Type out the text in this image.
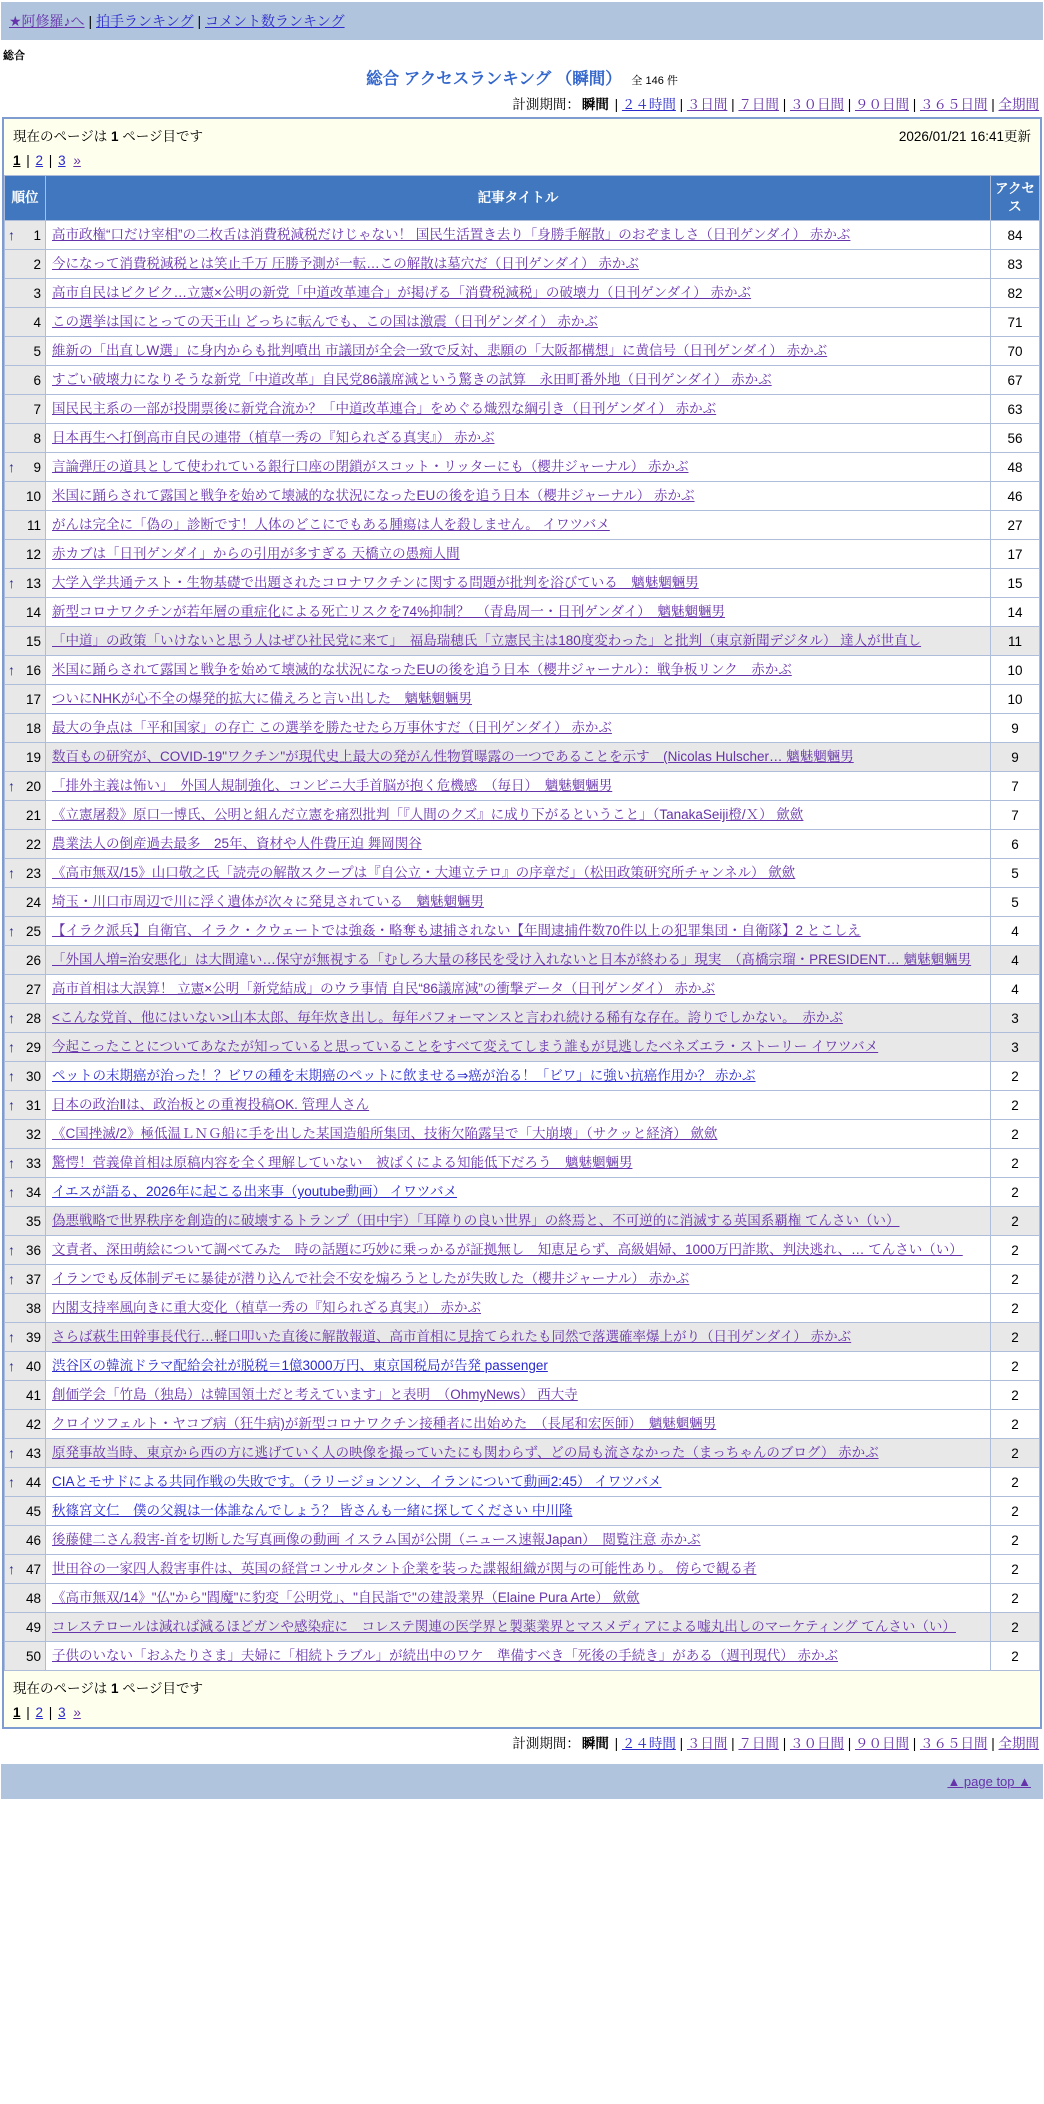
★阿修羅♪へ | 拍手ランキング | コメント数ランキング
総合
総合 アクセスランキング （瞬間） 全 146 件
計測期間： 瞬間 | ２４時間 | ３日間 | ７日間 | ３０日間 | ９０日間 | ３６５日間 | 全期間
現在のページは 1 ページ目です	2026/01/21 16:41更新
1 | 2 | 3 »
順位	記事タイトル	アクセス

↑ 1	高市政権“口だけ宰相”の二枚舌は消費税減税だけじゃない！ 国民生活置き去り「身勝手解散」のおぞましさ（日刊ゲンダイ） 赤かぶ	84

2	今になって消費税減税とは笑止千万 圧勝予測が一転…この解散は墓穴だ（日刊ゲンダイ） 赤かぶ	83

3	高市自民はビクビク…立憲×公明の新党「中道改革連合」が掲げる「消費税減税」の破壊力（日刊ゲンダイ） 赤かぶ	82

4	この選挙は国にとっての天王山 どっちに転んでも、この国は激震（日刊ゲンダイ） 赤かぶ	71

5	維新の「出直しW選」に身内からも批判噴出 市議団が全会一致で反対、悲願の「大阪都構想」に黄信号（日刊ゲンダイ） 赤かぶ	70

6	すごい破壊力になりそうな新党「中道改革」自民党86議席減という驚きの試算　永田町番外地（日刊ゲンダイ） 赤かぶ	67

7	国民民主系の一部が投開票後に新党合流か？「中道改革連合」をめぐる熾烈な綱引き（日刊ゲンダイ） 赤かぶ	63

8	日本再生へ打倒高市自民の連帯（植草一秀の『知られざる真実』） 赤かぶ	56

↑ 9	言論弾圧の道具として使われている銀行口座の閉鎖がスコット・リッターにも（櫻井ジャーナル） 赤かぶ	48

10	米国に踊らされて露国と戦争を始めて壊滅的な状況になったEUの後を追う日本（櫻井ジャーナル） 赤かぶ	46

11	がんは完全に「偽の」診断です！人体のどこにでもある腫瘍は人を殺しません。 イワツバメ	27

12	赤カブは「日刊ゲンダイ」からの引用が多すぎる 天橋立の愚痴人間	17

↑ 13	大学入学共通テスト・生物基礎で出題されたコロナワクチンに関する問題が批判を浴びている　魑魅魍魎男	15

14	新型コロナワクチンが若年層の重症化による死亡リスクを74%抑制？　（青島周一・日刊ゲンダイ）　魑魅魍魎男	14

15	「中道」の政策「いけないと思う人はぜひ社民党に来て」　福島瑞穂氏「立憲民主は180度変わった」と批判（東京新聞デジタル） 達人が世直し	11

↑ 16	米国に踊らされて露国と戦争を始めて壊滅的な状況になったEUの後を追う日本（櫻井ジャーナル）：戦争板リンク　赤かぶ	10

17	ついにNHKが心不全の爆発的拡大に備えろと言い出した　魑魅魍魎男	10

18	最大の争点は「平和国家」の存亡 この選挙を勝たせたら万事休すだ（日刊ゲンダイ） 赤かぶ	9

19	数百もの研究が、COVID-19"ワクチン"が現代史上最大の発がん性物質曝露の一つであることを示す　(Nicolas Hulscher… 魑魅魍魎男	9

↑ 20	「排外主義は怖い」　外国人規制強化、コンビニ大手首脳が抱く危機感　（毎日）　魑魅魍魎男	7

21	《立憲屠殺》原口一博氏、公明と組んだ立憲を痛烈批判「『人間のクズ』に成り下がるということ」（TanakaSeiji橙/Ｘ） 歛歛	7

22	農業法人の倒産過去最多　25年、資材や人件費圧迫 舞岡関谷	6

↑ 23	《高市無双/15》山口敬之氏「読売の解散スクープは『自公立・大連立テロ』の序章だ」（松田政策研究所チャンネル） 歛歛	5

24	埼玉・川口市周辺で川に浮く遺体が次々に発見されている　魑魅魍魎男	5

↑ 25	【イラク派兵】自衛官、イラク・クウェートでは強姦・略奪も逮捕されない【年間逮捕件数70件以上の犯罪集団・自衛隊】2 とこしえ	4

26	「外国人増=治安悪化」は大間違い…保守が無視する「むしろ大量の移民を受け入れないと日本が終わる」現実　（髙橋宗瑠・PRESIDENT… 魑魅魍魎男	4

27	高市首相は大誤算！ 立憲×公明「新党結成」のウラ事情 自民“86議席減”の衝撃データ（日刊ゲンダイ） 赤かぶ	4

↑ 28	<こんな党首、他にはいない>山本太郎、毎年炊き出し。毎年パフォーマンスと言われ続ける稀有な存在。誇りでしかない。　赤かぶ	3

↑ 29	今起こったことについてあなたが知っていると思っていることをすべて変えてしまう誰もが見逃したベネズエラ・ストーリー イワツバメ	3

↑ 30	ペットの末期癌が治った！？ビワの種を末期癌のペットに飲ませる⇒癌が治る！「ビワ」に強い抗癌作用か？ 赤かぶ	2

↑ 31	日本の政治Ⅱは、政治板との重複投稿OK. 管理人さん	2

32	《C国挫滅/2》極低温ＬＮＧ船に手を出した某国造船所集団、技術欠陥露呈で「大崩壊」（サクッと経済） 歛歛	2

↑ 33	驚愕！菅義偉首相は原稿内容を全く理解していない　被ばくによる知能低下だろう　魑魅魍魎男	2

↑ 34	イエスが語る、2026年に起こる出来事（youtube動画） イワツバメ	2

35	偽悪戦略で世界秩序を創造的に破壊するトランプ（田中宇）「耳障りの良い世界」の終焉と、不可逆的に消滅する英国系覇権 てんさい（い）	2

↑ 36	文責者、深田萌絵について調べてみた　時の話題に巧妙に乗っかるが証拠無し　知恵足らず、高級娼婦、1000万円詐欺、判決逃れ、… てんさい（い）	2

↑ 37	イランでも反体制デモに暴徒が潜り込んで社会不安を煽ろうとしたが失敗した（櫻井ジャーナル） 赤かぶ	2

38	内閣支持率風向きに重大変化（植草一秀の『知られざる真実』） 赤かぶ	2

↑ 39	さらば萩生田幹事長代行…軽口叩いた直後に解散報道、高市首相に見捨てられたも同然で落選確率爆上がり（日刊ゲンダイ） 赤かぶ	2

↑ 40	渋谷区の韓流ドラマ配給会社が脱税＝1億3000万円、東京国税局が告発 passenger	2

41	創価学会「竹島（独島）は韓国領土だと考えています」と表明　（OhmyNews） 西大寺	2

42	クロイツフェルト・ヤコブ病（狂牛病)が新型コロナワクチン接種者に出始めた　（長尾和宏医師）　魑魅魍魎男	2

↑ 43	原発事故当時、東京から西の方に逃げていく人の映像を撮っていたにも関わらず、どの局も流さなかった（まっちゃんのブログ） 赤かぶ	2

↑ 44	CIAとモサドによる共同作戦の失敗です。（ラリージョンソン、イランについて動画2:45） イワツバメ	2

45	秋篠宮文仁　僕の父親は一体誰なんでしょう？ 皆さんも一緒に探してください 中川隆	2

46	後藤健二さん殺害-首を切断した写真画像の動画 イスラム国が公開（ニュース速報Japan）　閲覧注意 赤かぶ	2

↑ 47	世田谷の一家四人殺害事件は、英国の経営コンサルタント企業を装った諜報組織が関与の可能性あり。 傍らで観る者	2

48	《高市無双/14》"仏"から"閻魔"に豹変「公明党」、"自民詣で"の建設業界（Elaine Pura Arte） 歛歛	2

49	コレステロールは減れば減るほどガンや感染症に　コレステ関連の医学界と製薬業界とマスメディアによる嘘丸出しのマーケティング てんさい（い）	2

50	子供のいない「おふたりさま」夫婦に「相続トラブル」が続出中のワケ　準備すべき「死後の手続き」がある（週刊現代） 赤かぶ	2
現在のページは 1 ページ目です
1 | 2 | 3 »
計測期間： 瞬間 | ２４時間 | ３日間 | ７日間 | ３０日間 | ９０日間 | ３６５日間 | 全期間
▲ page top ▲
